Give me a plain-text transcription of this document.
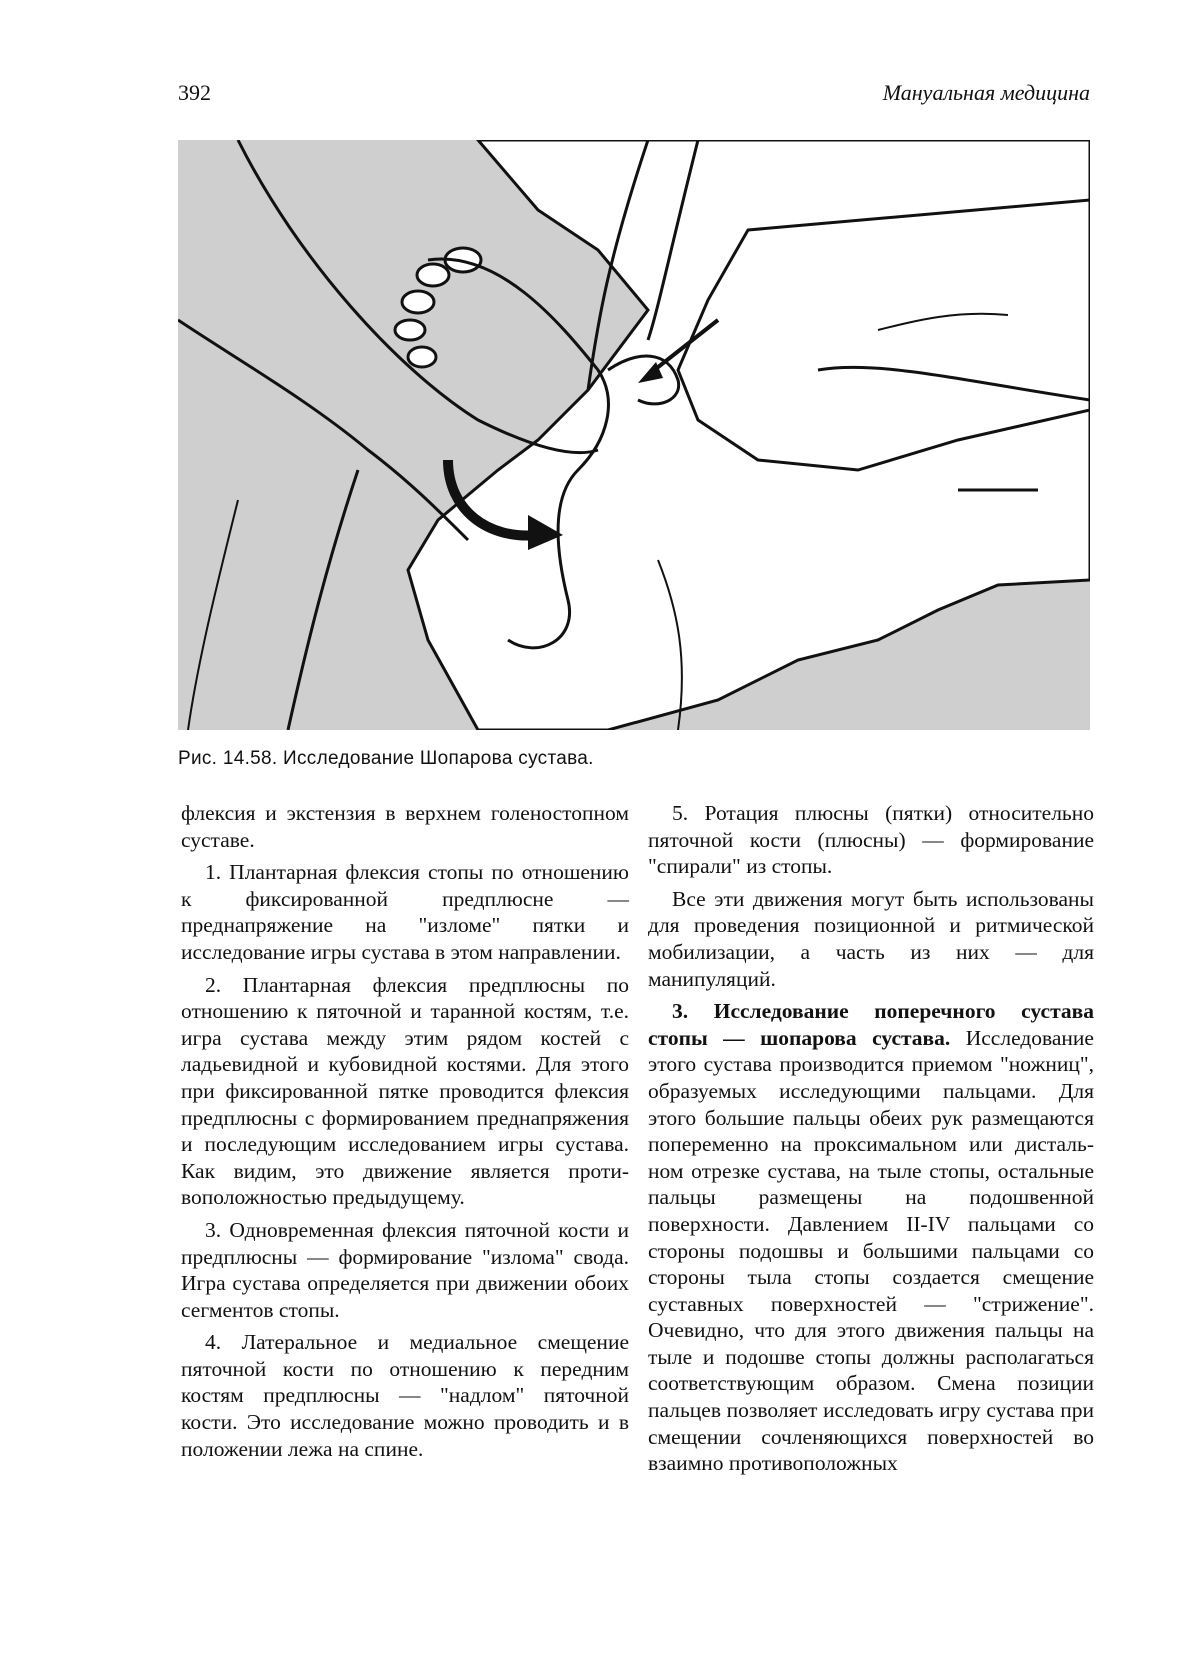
392	Мануальная медицина
Рис. 14.58. Исследование Шопарова сустава.

флексия и экстензия в верхнем голеностопном суставе.

1. Плантарная флексия стопы по отношению к фиксированной предплюсне — преднапряжение на "изломе" пятки и исследование игры сустава в этом направлении.

2. Плантарная флексия предплюсны по отношению к пяточной и таранной костям, т.е. игра сустава между этим рядом костей с ладьевидной и кубовидной костями. Для этого при фиксированной пятке проводится флексия предплюсны с формированием преднапряжения и последующим исследованием игры сустава. Как видим, это движение является противоположностью предыдущему.

3. Одновременная флексия пяточной кости и предплюсны — формирование "излома" свода. Игра сустава определяется при движении обоих сегментов стопы.

4. Латеральное и медиальное смещение пяточной кости по отношению к передним костям предплюсны — "надлом" пяточной кости. Это исследование можно проводить и в положении лежа на спине.

5. Ротация плюсны (пятки) относительно пяточной кости (плюсны) — формирование "спирали" из стопы.

Все эти движения могут быть использованы для проведения позиционной и ритмической мобилизации, а часть из них — для манипуляций.

3. Исследование поперечного сустава стопы — шопарова сустава. Исследование этого сустава производится приемом "ножниц", образуемых исследующими пальцами. Для этого большие пальцы обеих рук размещаются попеременно на проксимальном или дистальном отрезке сустава, на тыле стопы, остальные пальцы размещены на подошвенной поверхности. Давлением II-IV пальцами со стороны подошвы и большими пальцами со стороны тыла стопы создается смещение суставных поверхностей — "стрижение". Очевидно, что для этого движения пальцы на тыле и подошве стопы должны располагаться соответствующим образом. Смена позиции пальцев позволяет исследовать игру сустава при смещении сочленяющихся поверхностей во взаимно противоположных
